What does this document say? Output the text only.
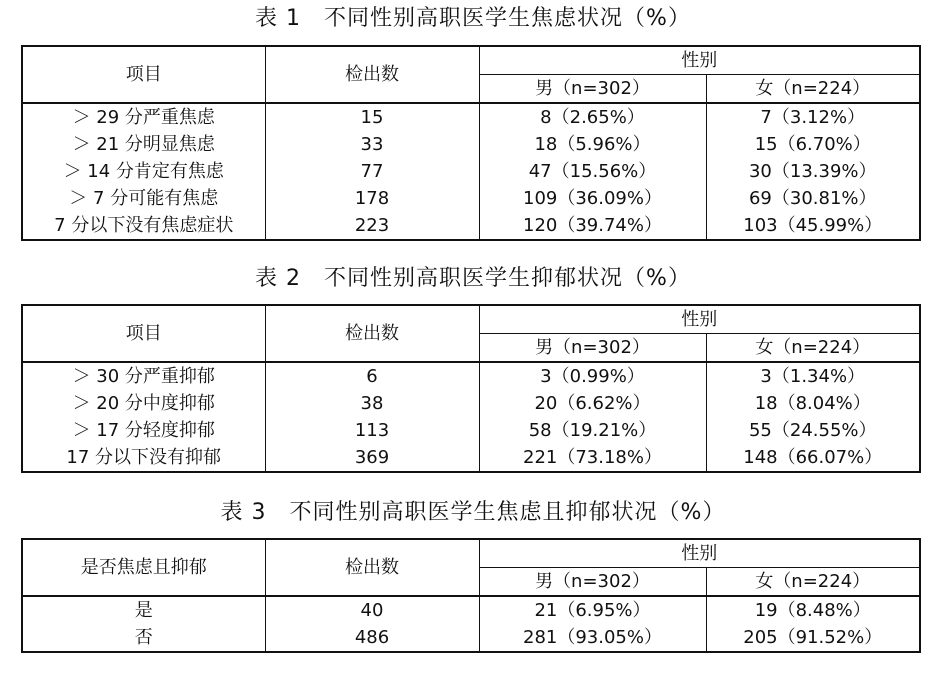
表 1　不同性别高职医学生焦虑状况（%）
项目	检出数	性别	
		男（n=302）	女（n=224）
＞ 29 分严重焦虑	15	8（2.65%）	7（3.12%）
＞ 21 分明显焦虑	33	18（5.96%）	15（6.70%）
＞ 14 分肯定有焦虑	77	47（15.56%）	30（13.39%）
＞ 7 分可能有焦虑	178	109（36.09%）	69（30.81%）
7 分以下没有焦虑症状	223	120（39.74%）	103（45.99%）
表 2　不同性别高职医学生抑郁状况（%）
项目	检出数	性别	
		男（n=302）	女（n=224）
＞ 30 分严重抑郁	6	3（0.99%）	3（1.34%）
＞ 20 分中度抑郁	38	20（6.62%）	18（8.04%）
＞ 17 分轻度抑郁	113	58（19.21%）	55（24.55%）
17 分以下没有抑郁	369	221（73.18%）	148（66.07%）
表 3　不同性别高职医学生焦虑且抑郁状况（%）
是否焦虑且抑郁	检出数	性别	
		男（n=302）	女（n=224）
是	40	21（6.95%）	19（8.48%）
否	486	281（93.05%）	205（91.52%）
